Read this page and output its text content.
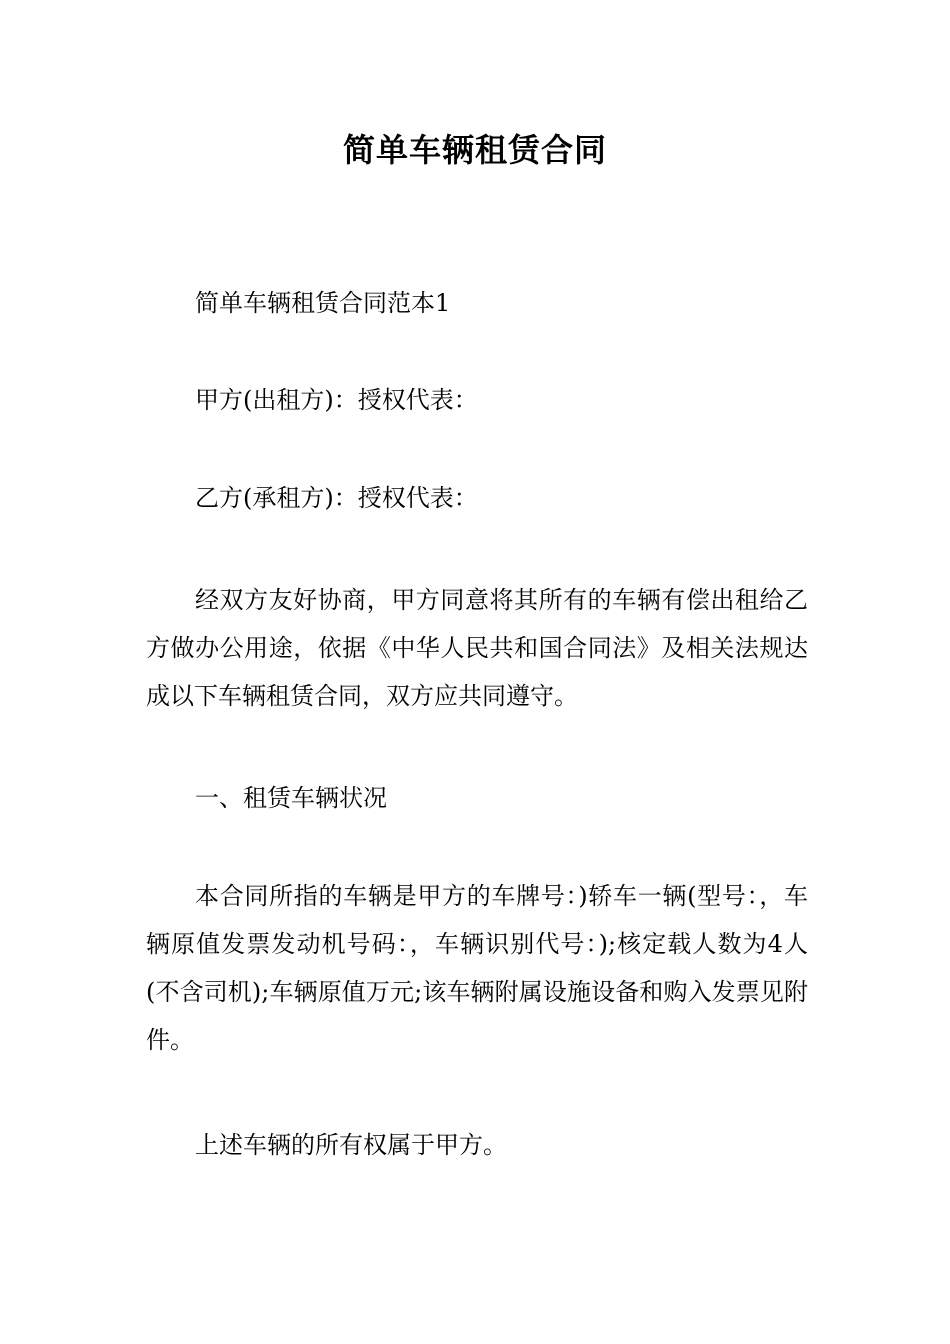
简单车辆租赁合同

简单车辆租赁合同范本1

甲方(出租方)：授权代表：

乙方(承租方)：授权代表：

经双方友好协商，甲方同意将其所有的车辆有偿出租给乙方做办公用途，依据《中华人民共和国合同法》及相关法规达成以下车辆租赁合同，双方应共同遵守。

一、租赁车辆状况

本合同所指的车辆是甲方的车牌号：)轿车一辆(型号：，车辆原值发票发动机号码：，车辆识别代号：);核定载人数为4人(不含司机);车辆原值万元;该车辆附属设施设备和购入发票见附件。

上述车辆的所有权属于甲方。
